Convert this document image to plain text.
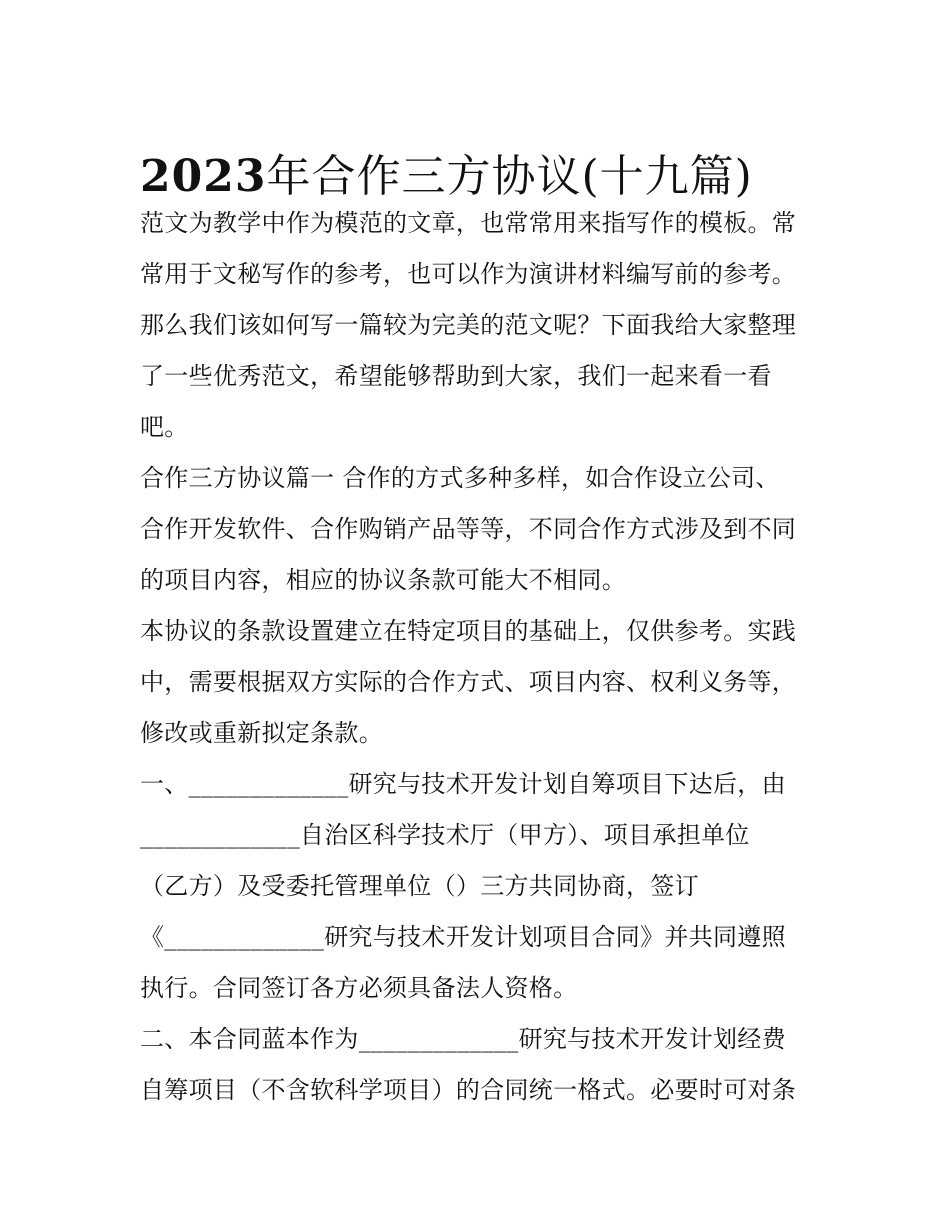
2023年合作三方协议(十九篇)
范文为教学中作为模范的文章，也常常用来指写作的模板。常
常用于文秘写作的参考，也可以作为演讲材料编写前的参考。
那么我们该如何写一篇较为完美的范文呢？下面我给大家整理
了一些优秀范文，希望能够帮助到大家，我们一起来看一看
吧。
合作三方协议篇一 合作的方式多种多样，如合作设立公司、
合作开发软件、合作购销产品等等，不同合作方式涉及到不同
的项目内容，相应的协议条款可能大不相同。
本协议的条款设置建立在特定项目的基础上，仅供参考。实践
中，需要根据双方实际的合作方式、项目内容、权利义务等，
修改或重新拟定条款。
一、_____________研究与技术开发计划自筹项目下达后，由
_____________自治区科学技术厅（甲方）、项目承担单位
（乙方）及受委托管理单位（）三方共同协商，签订
《_____________研究与技术开发计划项目合同》并共同遵照
执行。合同签订各方必须具备法人资格。
二、本合同蓝本作为_____________研究与技术开发计划经费
自筹项目（不含软科学项目）的合同统一格式。必要时可对条
